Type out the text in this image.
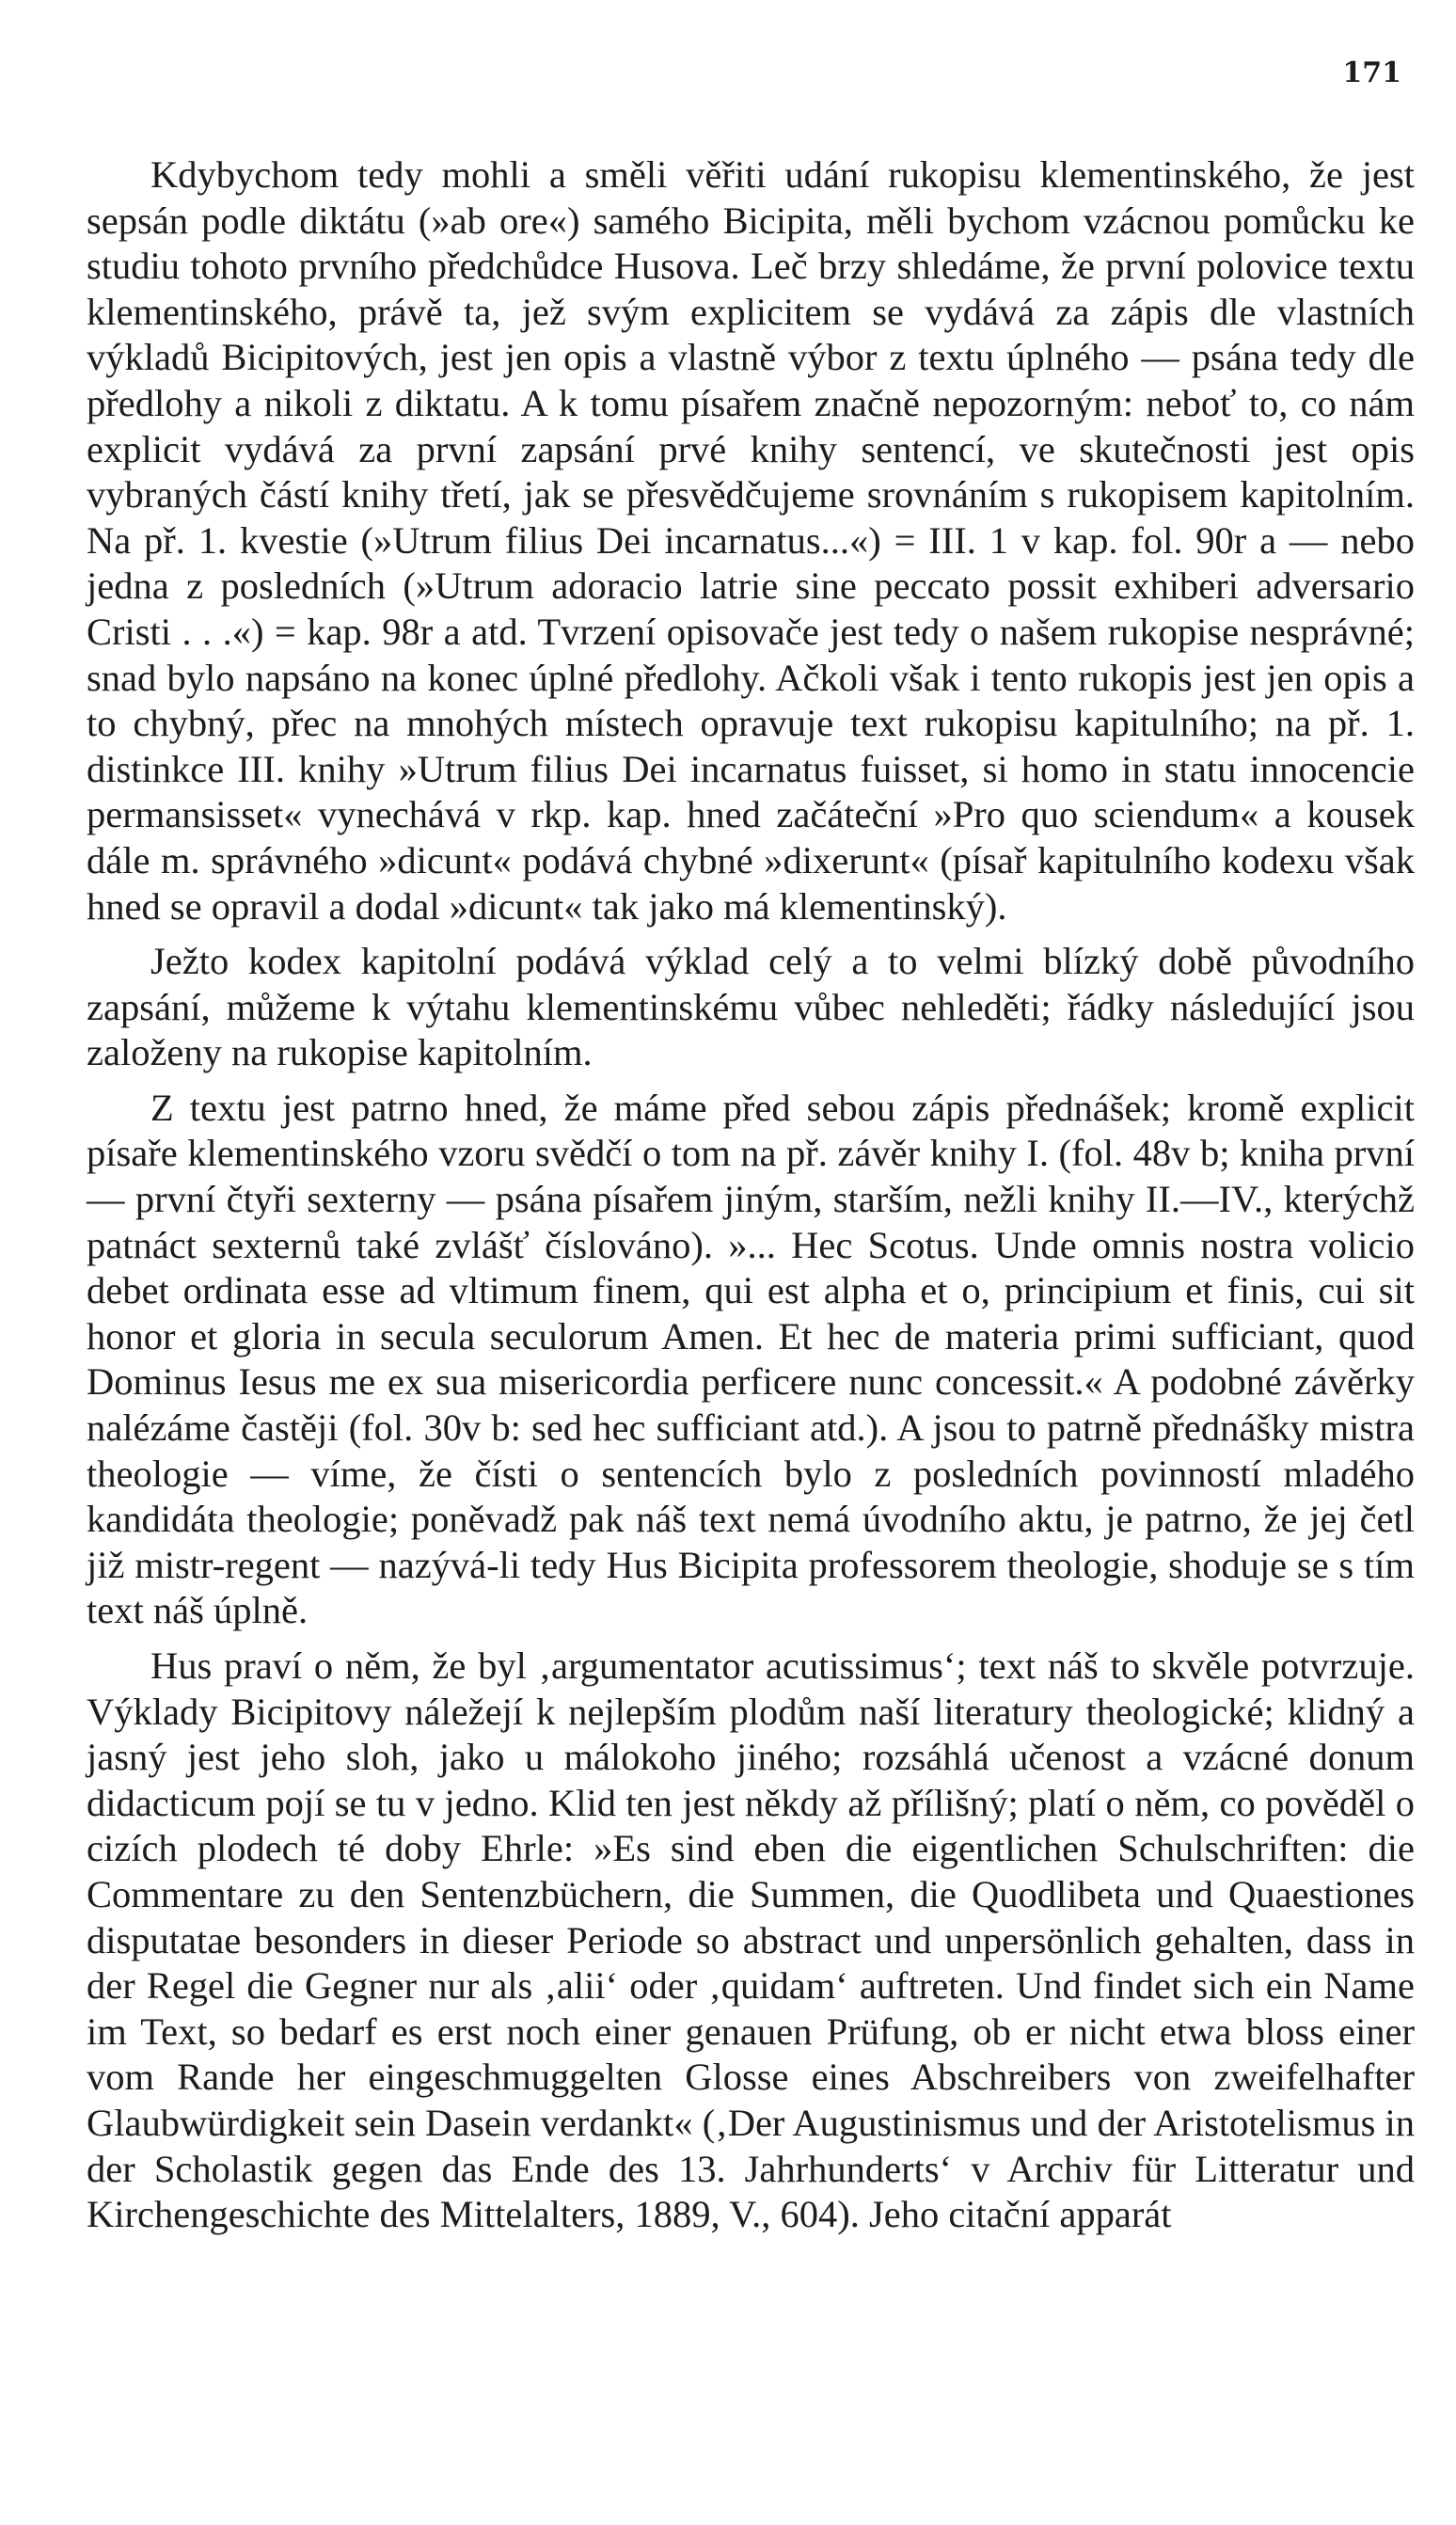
171

Kdybychom tedy mohli a směli věřiti udání rukopisu klementinského, že jest sepsán podle diktátu (»ab ore«) samého Bicipita, měli bychom vzácnou pomůcku ke studiu tohoto prvního předchůdce Husova. Leč brzy shledáme, že první polovice textu klementinského, právě ta, jež svým explicitem se vydává za zápis dle vlastních výkladů Bicipitových, jest jen opis a vlastně výbor z textu úplného — psána tedy dle předlohy a nikoli z diktatu. A k tomu písařem značně nepozorným: neboť to, co nám explicit vydává za první zapsání prvé knihy sentencí, ve skutečnosti jest opis vybraných částí knihy třetí, jak se přesvědčujeme srovnáním s rukopisem kapitolním. Na př. 1. kvestie (»Utrum filius Dei incarnatus...«) = III. 1 v kap. fol. 90r a — nebo jedna z posledních (»Utrum adoracio latrie sine peccato possit exhiberi adversario Cristi . . .«) = kap. 98r a atd. Tvrzení opisovače jest tedy o našem rukopise nesprávné; snad bylo napsáno na konec úplné předlohy. Ačkoli však i tento rukopis jest jen opis a to chybný, přec na mnohých místech opravuje text rukopisu kapitulního; na př. 1. distinkce III. knihy »Utrum filius Dei incarnatus fuisset, si homo in statu innocencie permansisset« vynechává v rkp. kap. hned začáteční »Pro quo sciendum« a kousek dále m. správného »dicunt« podává chybné »dixerunt« (písař kapitulního kodexu však hned se opravil a dodal »dicunt« tak jako má klementinský).

Ježto kodex kapitolní podává výklad celý a to velmi blízký době původního zapsání, můžeme k výtahu klementinskému vůbec nehleděti; řádky následující jsou založeny na rukopise kapitolním.

Z textu jest patrno hned, že máme před sebou zápis přednášek; kromě explicit písaře klementinského vzoru svědčí o tom na př. závěr knihy I. (fol. 48v b; kniha první — první čtyři sexterny — psána písařem jiným, starším, nežli knihy II.—IV., kterýchž patnáct sexternů také zvlášť číslováno). »... Hec Scotus. Unde omnis nostra volicio debet ordinata esse ad vltimum finem, qui est alpha et o, principium et finis, cui sit honor et gloria in secula seculorum Amen. Et hec de materia primi sufficiant, quod Dominus Iesus me ex sua misericordia perficere nunc concessit.« A podobné závěrky nalézáme častěji (fol. 30v b: sed hec sufficiant atd.). A jsou to patrně přednášky mistra theologie — víme, že čísti o sentencích bylo z posledních povinností mladého kandidáta theologie; poněvadž pak náš text nemá úvodního aktu, je patrno, že jej četl již mistr-regent — nazývá-li tedy Hus Bicipita professorem theologie, shoduje se s tím text náš úplně.

Hus praví o něm, že byl ‚argumentator acutissimus‘; text náš to skvěle potvrzuje. Výklady Bicipitovy náležejí k nejlepším plodům naší literatury theologické; klidný a jasný jest jeho sloh, jako u málokoho jiného; rozsáhlá učenost a vzácné donum didacticum pojí se tu v jedno. Klid ten jest někdy až přílišný; platí o něm, co pověděl o cizích plodech té doby Ehrle: »Es sind eben die eigentlichen Schulschriften: die Commentare zu den Sentenzbüchern, die Summen, die Quodlibeta und Quaestiones disputatae besonders in dieser Periode so abstract und unpersönlich gehalten, dass in der Regel die Gegner nur als ‚alii‘ oder ‚quidam‘ auftreten. Und findet sich ein Name im Text, so bedarf es erst noch einer genauen Prüfung, ob er nicht etwa bloss einer vom Rande her eingeschmuggelten Glosse eines Abschreibers von zweifelhafter Glaubwürdigkeit sein Dasein verdankt« (‚Der Augustinismus und der Aristotelismus in der Scholastik gegen das Ende des 13. Jahrhunderts‘ v Archiv für Litteratur und Kirchengeschichte des Mittelalters, 1889, V., 604). Jeho citační apparát
